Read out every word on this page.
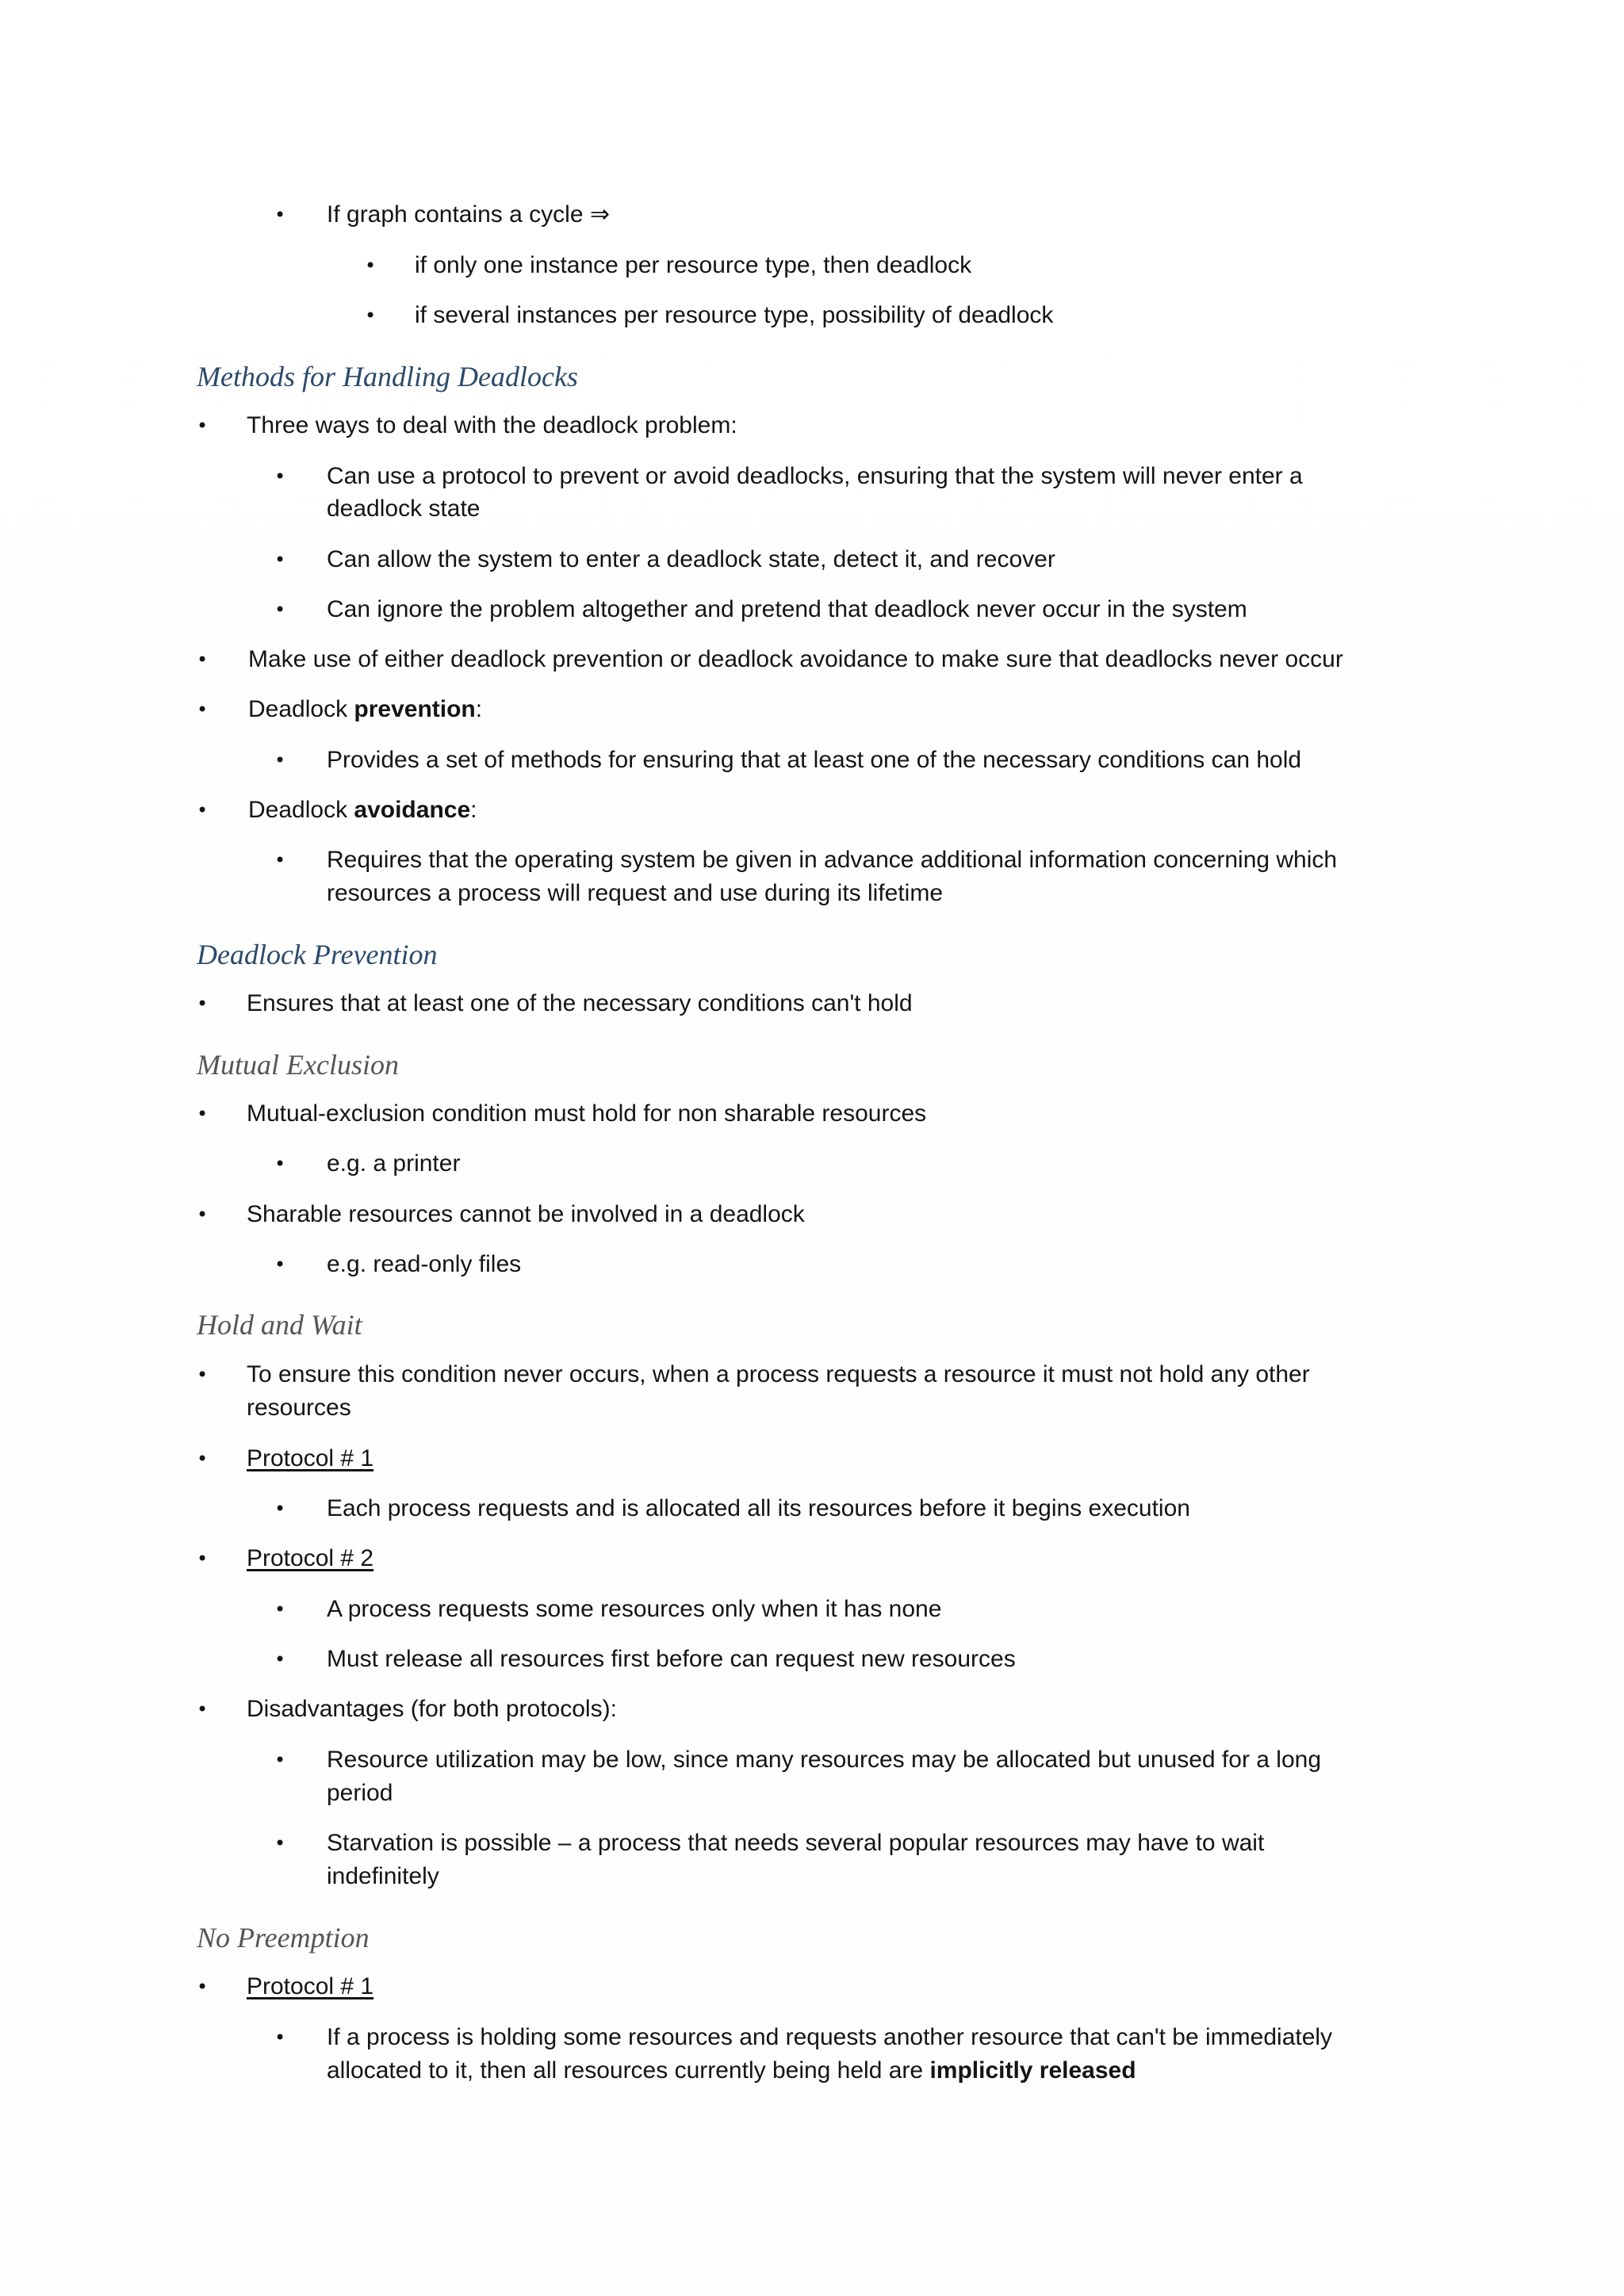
• If graph contains a cycle ⇒
• if only one instance per resource type, then deadlock
• if several instances per resource type, possibility of deadlock
Methods for Handling Deadlocks
• Three ways to deal with the deadlock problem:
• Can use a protocol to prevent or avoid deadlocks, ensuring that the system will never enter a
deadlock state
• Can allow the system to enter a deadlock state, detect it, and recover
• Can ignore the problem altogether and pretend that deadlock never occur in the system
• Make use of either deadlock prevention or deadlock avoidance to make sure that deadlocks never occur
• Deadlock prevention:
• Provides a set of methods for ensuring that at least one of the necessary conditions can hold
• Deadlock avoidance:
• Requires that the operating system be given in advance additional information concerning which
resources a process will request and use during its lifetime
Deadlock Prevention
• Ensures that at least one of the necessary conditions can't hold
Mutual Exclusion
• Mutual-exclusion condition must hold for non sharable resources
• e.g. a printer
• Sharable resources cannot be involved in a deadlock
• e.g. read-only files
Hold and Wait
• To ensure this condition never occurs, when a process requests a resource it must not hold any other
resources
• Protocol # 1
• Each process requests and is allocated all its resources before it begins execution
• Protocol # 2
• A process requests some resources only when it has none
• Must release all resources first before can request new resources
• Disadvantages (for both protocols):
• Resource utilization may be low, since many resources may be allocated but unused for a long
period
• Starvation is possible – a process that needs several popular resources may have to wait
indefinitely
No Preemption
• Protocol # 1
• If a process is holding some resources and requests another resource that can't be immediately
allocated to it, then all resources currently being held are implicitly released
